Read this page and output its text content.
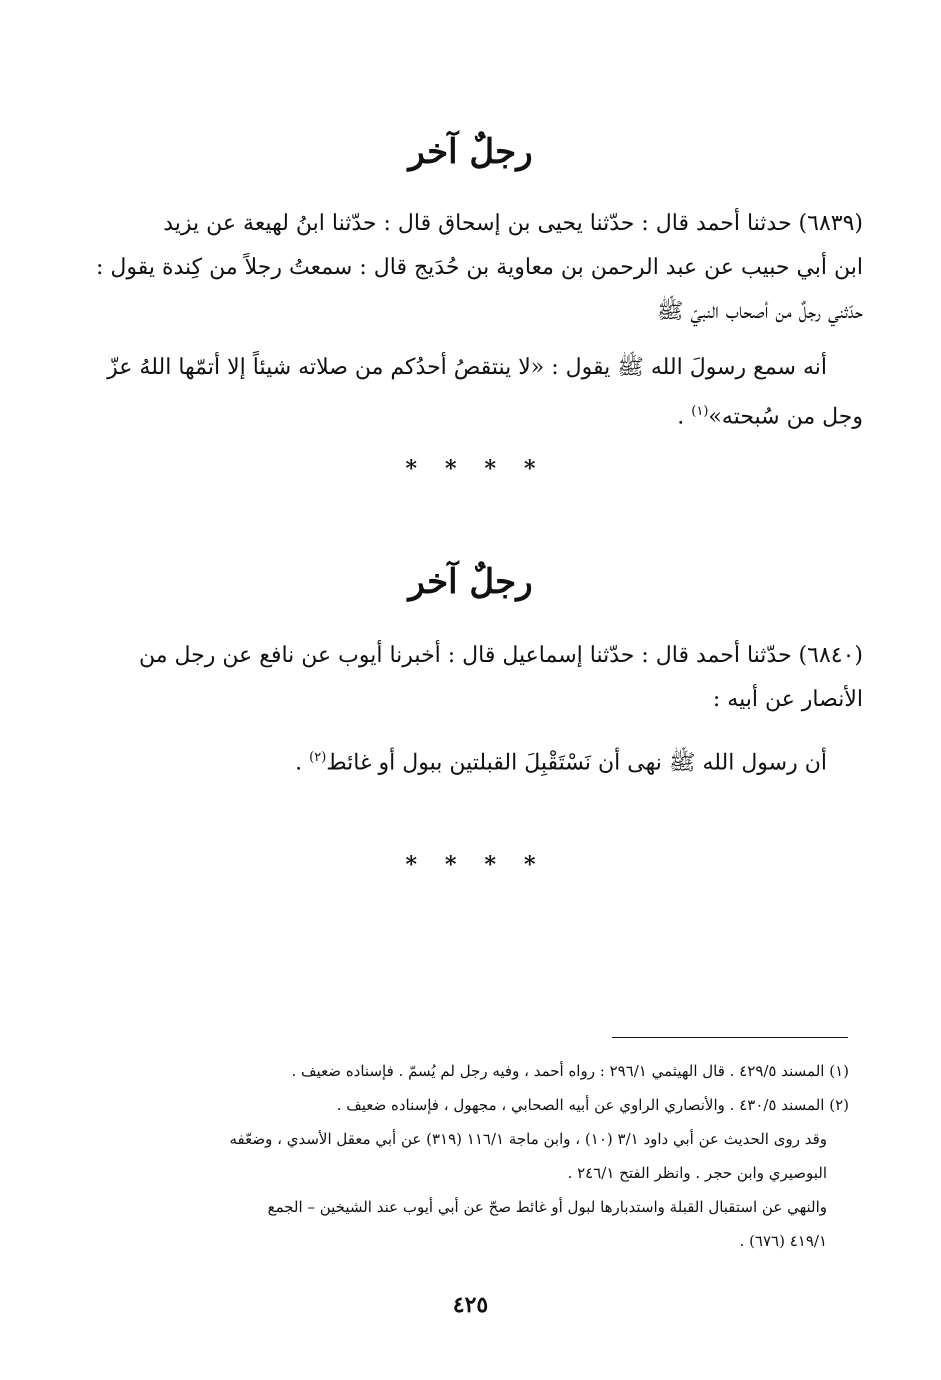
رجلٌ آخر
(٦٨٣٩) حدثنا أحمد قال : حدّثنا يحيى بن إسحاق قال : حدّثنا ابنُ لهيعة عن يزيد
ابن أبي حبيب عن عبد الرحمن بن معاوية بن حُدَيج قال : سمعتُ رجلاً من كِندة يقول :
حدّثني رجلٌ من أصحاب النبيّ ﷺ
أنه سمع رسولَ الله ﷺ يقول : «لا ينتقصُ أحدُكم من صلاته شيئاً إلا أتمّها اللهُ عزّ
وجل من سُبحته»$^{(١)}$ .
****
رجلٌ آخر
(٦٨٤٠) حدّثنا أحمد قال : حدّثنا إسماعيل قال : أخبرنا أيوب عن نافع عن رجل من
الأنصار عن أبيه :
أن رسول الله ﷺ نهى أن نَسْتَقْبِلَ القبلتين ببول أو غائط$^{(٢)}$ .
****
(١) المسند ٤٢٩/٥ . قال الهيثمي ٢٩٦/١ : رواه أحمد ، وفيه رجل لم يُسمّ . فإسناده ضعيف .
(٢) المسند ٤٣٠/٥ . والأنصاري الراوي عن أبيه الصحابي ، مجهول ، فإسناده ضعيف .
وقد روى الحديث عن أبي داود ٣/١ (١٠) ، وابن ماجة ١١٦/١ (٣١٩) عن أبي معقل الأسدي ، وضعّفه
البوصيري وابن حجر . وانظر الفتح ٢٤٦/١ .
والنهي عن استقبال القبلة واستدبارها لبول أو غائط صحّ عن أبي أيوب عند الشيخين – الجمع
٤١٩/١ (٦٧٦) .
٤٢٥
